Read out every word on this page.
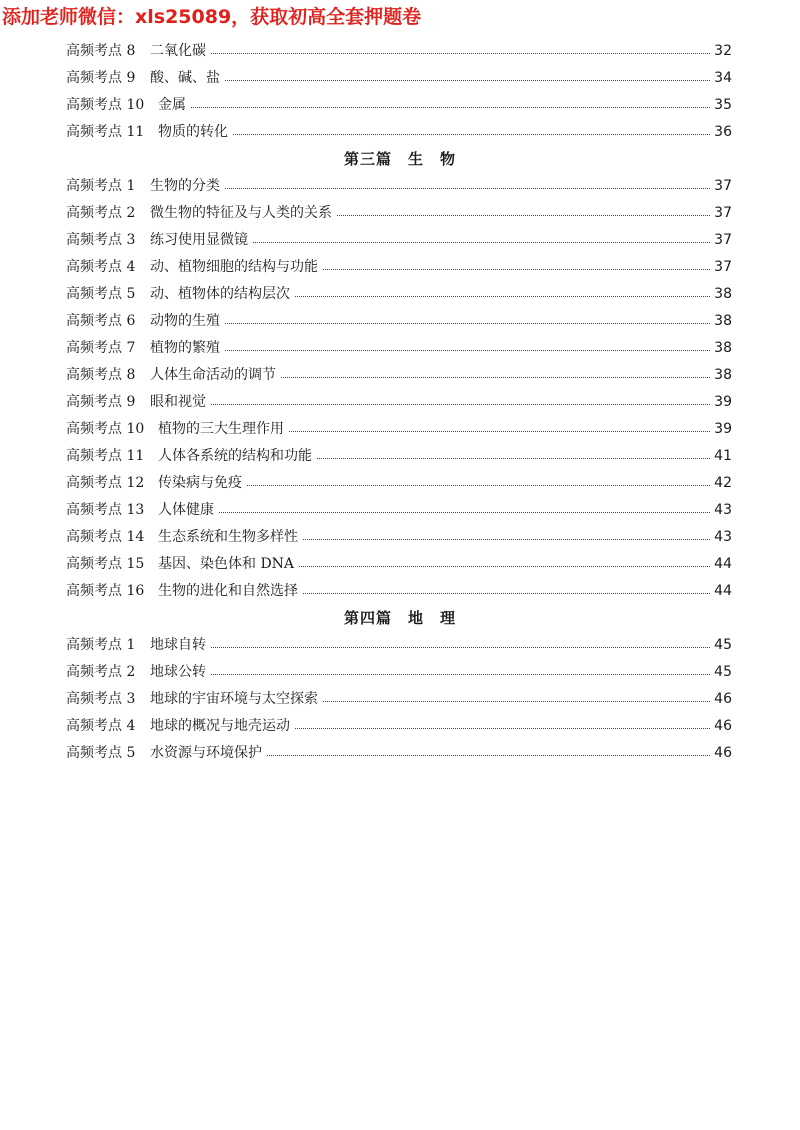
添加老师微信：xls25089，获取初高全套押题卷
高频考点 8 二氧化碳	32
高频考点 9 酸、碱、盐	34
高频考点 10 金属	35
高频考点 11 物质的转化	36
第三篇　生　物
高频考点 1 生物的分类	37
高频考点 2 微生物的特征及与人类的关系	37
高频考点 3 练习使用显微镜	37
高频考点 4 动、植物细胞的结构与功能	37
高频考点 5 动、植物体的结构层次	38
高频考点 6 动物的生殖	38
高频考点 7 植物的繁殖	38
高频考点 8 人体生命活动的调节	38
高频考点 9 眼和视觉	39
高频考点 10 植物的三大生理作用	39
高频考点 11 人体各系统的结构和功能	41
高频考点 12 传染病与免疫	42
高频考点 13 人体健康	43
高频考点 14 生态系统和生物多样性	43
高频考点 15 基因、染色体和 DNA	44
高频考点 16 生物的进化和自然选择	44
第四篇　地　理
高频考点 1 地球自转	45
高频考点 2 地球公转	45
高频考点 3 地球的宇宙环境与太空探索	46
高频考点 4 地球的概况与地壳运动	46
高频考点 5 水资源与环境保护	46
